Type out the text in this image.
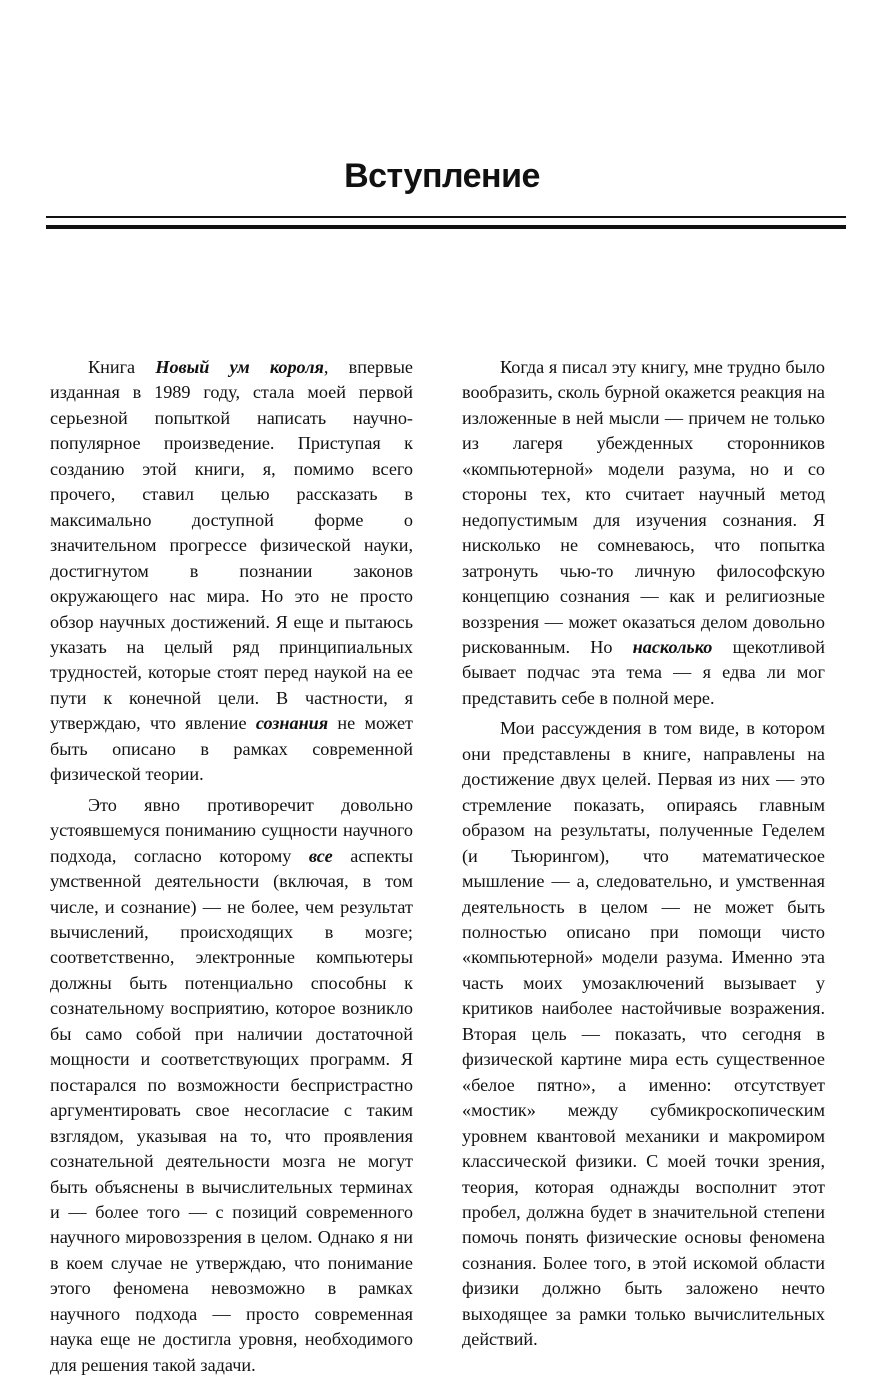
Вступление

Книга Новый ум короля, впервые изданная в 1989 году, стала моей первой серьезной попыткой написать научно-популярное произведение. Приступая к созданию этой книги, я, помимо всего прочего, ставил целью рассказать в максимально доступной форме о значительном прогрессе физической науки, достигнутом в познании законов окружающего нас мира. Но это не просто обзор научных достижений. Я еще и пытаюсь указать на целый ряд принципиальных трудностей, которые стоят перед наукой на ее пути к конечной цели. В частности, я утверждаю, что явление сознания не может быть описано в рамках современной физической теории.

Это явно противоречит довольно устоявшемуся пониманию сущности научного подхода, согласно которому все аспекты умственной деятельности (включая, в том числе, и сознание) — не более, чем результат вычислений, происходящих в мозге; соответственно, электронные компьютеры должны быть потенциально способны к сознательному восприятию, которое возникло бы само собой при наличии достаточной мощности и соответствующих программ. Я постарался по возможности беспристрастно аргументировать свое несогласие с таким взглядом, указывая на то, что проявления сознательной деятельности мозга не могут быть объяснены в вычислительных терминах и — более того — с позиций современного научного мировоззрения в целом. Однако я ни в коем случае не утверждаю, что понимание этого феномена невозможно в рамках научного подхода — просто современная наука еще не достигла уровня, необходимого для решения такой задачи.

Когда я писал эту книгу, мне трудно было вообразить, сколь бурной окажется реакция на изложенные в ней мысли — причем не только из лагеря убежденных сторонников «компьютерной» модели разума, но и со стороны тех, кто считает научный метод недопустимым для изучения сознания. Я нисколько не сомневаюсь, что попытка затронуть чью-то личную философскую концепцию сознания — как и религиозные воззрения — может оказаться делом довольно рискованным. Но насколько щекотливой бывает подчас эта тема — я едва ли мог представить себе в полной мере.

Мои рассуждения в том виде, в котором они представлены в книге, направлены на достижение двух целей. Первая из них — это стремление показать, опираясь главным образом на результаты, полученные Геделем (и Тьюрингом), что математическое мышление — а, следовательно, и умственная деятельность в целом — не может быть полностью описано при помощи чисто «компьютерной» модели разума. Именно эта часть моих умозаключений вызывает у критиков наиболее настойчивые возражения. Вторая цель — показать, что сегодня в физической картине мира есть существенное «белое пятно», а именно: отсутствует «мостик» между субмикроскопическим уровнем квантовой механики и макромиром классической физики. С моей точки зрения, теория, которая однажды восполнит этот пробел, должна будет в значительной степени помочь понять физические основы феномена сознания. Более того, в этой искомой области физики должно быть заложено нечто выходящее за рамки только вычислительных действий.
